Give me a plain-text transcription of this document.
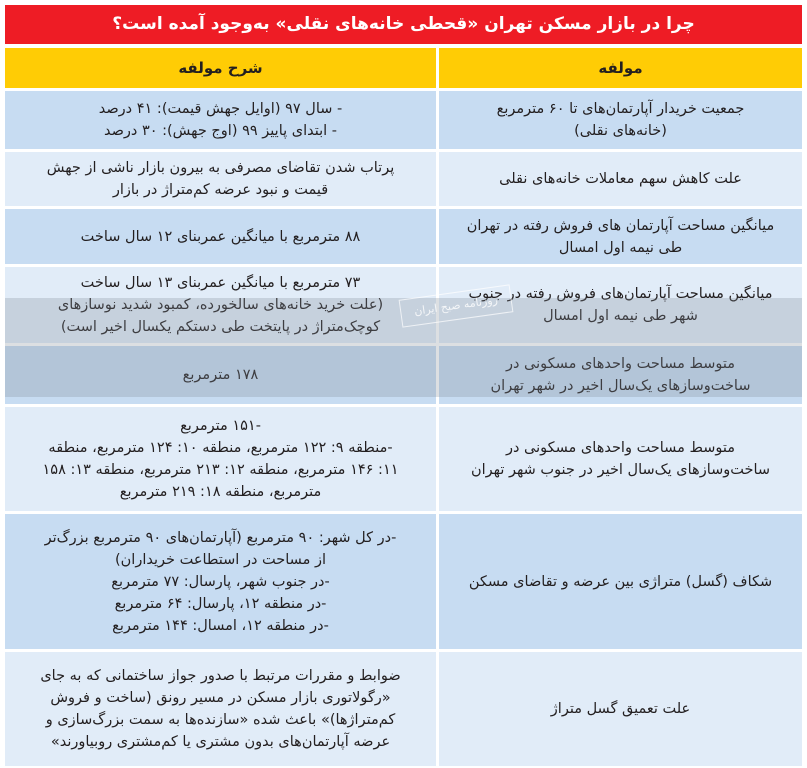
چرا در بازار مسکن تهران «قحطی خانه‌های نقلی» به‌وجود آمده است؟
مولفه
شرح مولفه
جمعیت خریدار آپارتمان‌های تا ۶۰ مترمربع
(خانه‌های نقلی)
- سال ۹۷ (اوایل جهش قیمت): ۴۱ درصد
- ابتدای پاییز ۹۹ (اوج جهش): ۳۰ درصد
علت کاهش سهم معاملات خانه‌های نقلی
پرتاب شدن تقاضای مصرفی به بیرون بازار ناشی از جهش
قیمت و نبود عرضه کم‌متراژ در بازار
میانگین مساحت آپارتمان های فروش رفته در تهران
طی نیمه اول امسال
۸۸ مترمربع با میانگین عمربنای ۱۲ سال ساخت
میانگین مساحت آپارتمان‌های فروش رفته در جنوب
شهر طی نیمه اول امسال
۷۳ مترمربع با میانگین عمربنای ۱۳ سال ساخت
(علت خرید خانه‌های سالخورده، کمبود شدید نوسازهای
کوچک‌متراژ در پایتخت طی دستکم یکسال اخیر است)
متوسط مساحت واحدهای مسکونی در
ساخت‌وسازهای یک‌سال اخیر در شهر تهران
۱۷۸ مترمربع
متوسط مساحت واحدهای مسکونی در
ساخت‌وسازهای یک‌سال اخیر در جنوب شهر تهران
-۱۵۱ مترمربع
-منطقه ۹: ۱۲۲ مترمربع، منطقه ۱۰: ۱۲۴ مترمربع، منطقه
۱۱: ۱۴۶ مترمربع، منطقه ۱۲: ۲۱۳ مترمربع، منطقه ۱۳: ۱۵۸
مترمربع، منطقه ۱۸: ۲۱۹ مترمربع
شکاف (گسل) متراژی بین عرضه و تقاضای مسکن
-در کل شهر: ۹۰ مترمربع (آپارتمان‌های ۹۰ مترمربع بزرگ‌تر
از مساحت در استطاعت خریداران)
-در جنوب شهر، پارسال: ۷۷ مترمربع
-در منطقه ۱۲، پارسال: ۶۴ مترمربع
-در منطقه ۱۲، امسال: ۱۴۴ مترمربع
علت تعمیق گسل متراژ
ضوابط و مقررات مرتبط با صدور جواز ساختمانی که به جای
«رگولاتوری بازار مسکن در مسیر رونق (ساخت و فروش
کم‌متراژها)» باعث شده «سازنده‌ها به سمت بزرگ‌سازی و
عرضه آپارتمان‌های بدون مشتری یا کم‌مشتری روبیاورند»
روزنامه صبح ایران
